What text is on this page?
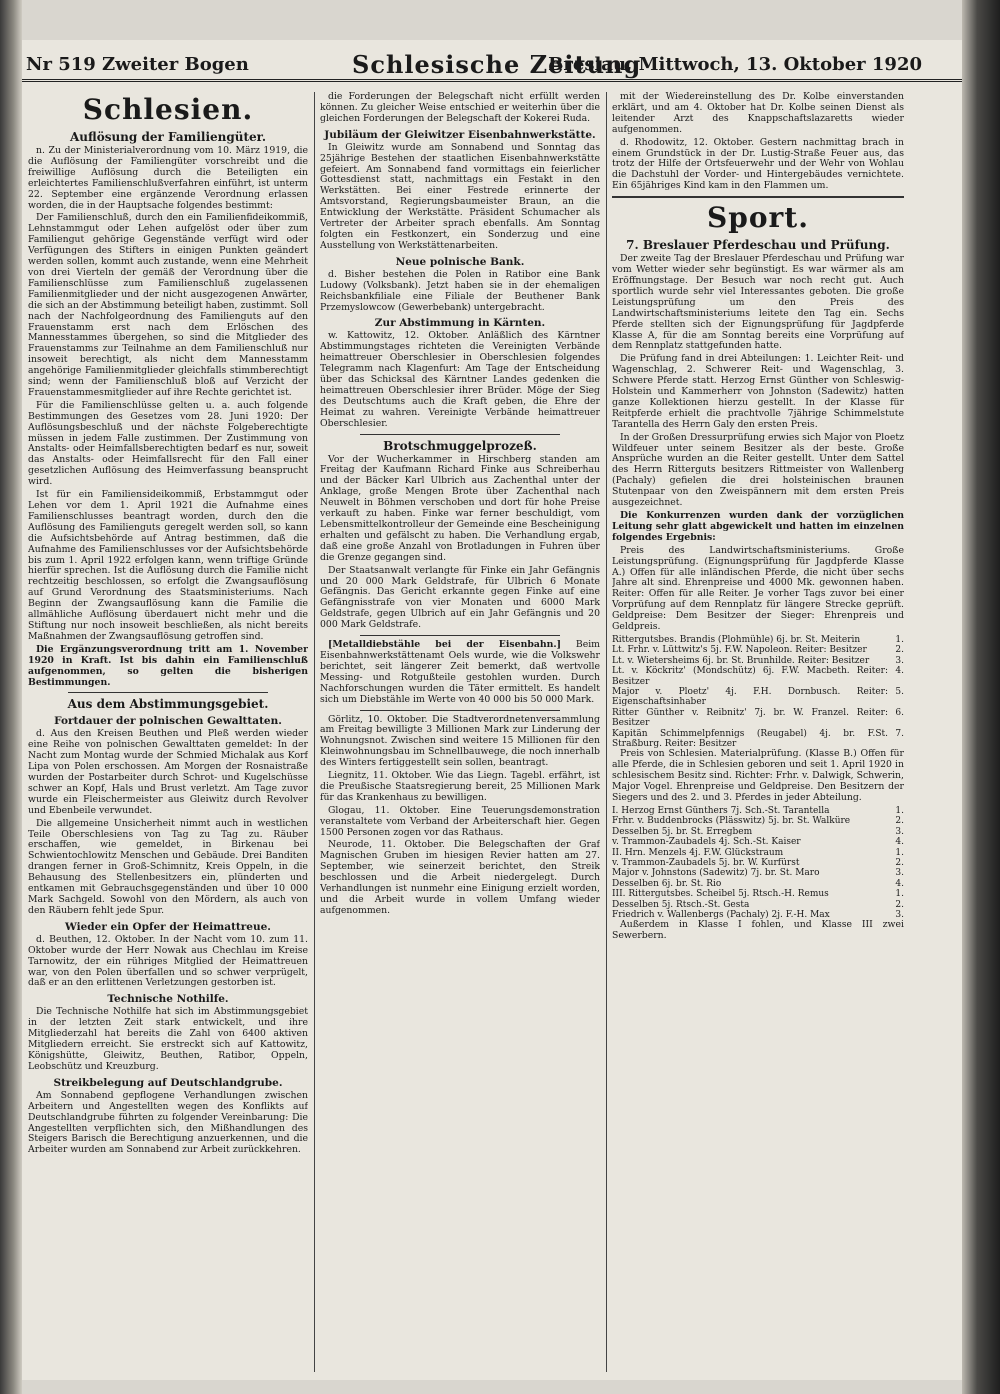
Nr 519 Zweiter Bogen	Schlesische Zeitung
Breslau, Mittwoch, 13. Oktober 1920
Schlesien.
Auflösung der Familiengüter.

n. Zu der Ministerialverordnung vom 10. März 1919, die die Auflösung der Familiengüter vorschreibt und die freiwillige Auflösung durch die Beteiligten ein erleichtertes Familienschlußverfahren einführt, ist unterm 22. September eine ergänzende Verordnung erlassen worden, die in der Hauptsache folgendes bestimmt:

Der Familienschluß, durch den ein Familienfideikommiß, Lehnstammgut oder Lehen aufgelöst oder über zum Familiengut gehörige Gegenstände verfügt wird oder Verfügungen des Stifters in einigen Punkten geändert werden sollen, kommt auch zustande, wenn eine Mehrheit von drei Vierteln der gemäß der Verordnung über die Familienschlüsse zum Familienschluß zugelassenen Familienmitglieder und der nicht ausgezogenen Anwärter, die sich an der Abstimmung beteiligt haben, zustimmt. Soll nach der Nachfolgeordnung des Familienguts auf den Frauenstamm erst nach dem Erlöschen des Mannesstammes übergehen, so sind die Mitglieder des Frauenstamms zur Teilnahme an dem Familienschluß nur insoweit berechtigt, als nicht dem Mannesstamm angehörige Familienmitglieder gleichfalls stimmberechtigt sind; wenn der Familienschluß bloß auf Verzicht der Frauenstammesmitglieder auf ihre Rechte gerichtet ist.

Für die Familienschlüsse gelten u. a. auch folgende Bestimmungen des Gesetzes vom 28. Juni 1920: Der Auflösungsbeschluß und der nächste Folgeberechtigte müssen in jedem Falle zustimmen. Der Zustimmung von Anstalts- oder Heimfallsberechtigten bedarf es nur, soweit das Anstalts- oder Heimfallsrecht für den Fall einer gesetzlichen Auflösung des Heimverfassung beansprucht wird.

Ist für ein Familiensideikommiß, Erbstammgut oder Lehen vor dem 1. April 1921 die Aufnahme eines Familienschlusses beantragt worden, durch den die Auflösung des Familienguts geregelt werden soll, so kann die Aufsichtsbehörde auf Antrag bestimmen, daß die Aufnahme des Familienschlusses vor der Aufsichtsbehörde bis zum 1. April 1922 erfolgen kann, wenn triftige Gründe hierfür sprechen. Ist die Auflösung durch die Familie nicht rechtzeitig beschlossen, so erfolgt die Zwangsauflösung auf Grund Verordnung des Staatsministeriums. Nach Beginn der Zwangsauflösung kann die Familie die allmähliche Auflösung überdauert nicht mehr und die Stiftung nur noch insoweit beschließen, als nicht bereits Maßnahmen der Zwangsauflösung getroffen sind.

Die Ergänzungsverordnung tritt am 1. November 1920 in Kraft. Ist bis dahin ein Familienschluß aufgenommen, so gelten die bisherigen Bestimmungen.

Aus dem Abstimmungsgebiet.
Fortdauer der polnischen Gewalttaten.

d. Aus den Kreisen Beuthen und Pleß werden wieder eine Reihe von polnischen Gewalttaten gemeldet: In der Nacht zum Montag wurde der Schmied Michalak aus Korf Lipa von Polen erschossen. Am Morgen der Rosnaistraße wurden der Postarbeiter durch Schrot- und Kugelschüsse schwer an Kopf, Hals und Brust verletzt. Am Tage zuvor wurde ein Fleischermeister aus Gleiwitz durch Revolver und Ebenbeile verwundet.

Die allgemeine Unsicherheit nimmt auch in westlichen Teile Oberschlesiens von Tag zu Tag zu. Räuber erschaffen, wie gemeldet, in Birkenau bei Schwientochlowitz Menschen und Gebäude. Drei Banditen drangen ferner in Groß-Schimnitz, Kreis Oppeln, in die Behausung des Stellenbesitzers ein, plünderten und entkamen mit Gebrauchsgegenständen und über 10 000 Mark Sachgeld. Sowohl von den Mördern, als auch von den Räubern fehlt jede Spur.

Wieder ein Opfer der Heimattreue.

d. Beuthen, 12. Oktober. In der Nacht vom 10. zum 11. Oktober wurde der Herr Nowak aus Chechlau im Kreise Tarnowitz, der ein rühriges Mitglied der Heimattreuen war, von den Polen überfallen und so schwer verprügelt, daß er an den erlittenen Verletzungen gestorben ist.

Technische Nothilfe.

Die Technische Nothilfe hat sich im Abstimmungsgebiet in der letzten Zeit stark entwickelt, und ihre Mitgliederzahl hat bereits die Zahl von 6400 aktiven Mitgliedern erreicht. Sie erstreckt sich auf Kattowitz, Königshütte, Gleiwitz, Beuthen, Ratibor, Oppeln, Leobschütz und Kreuzburg.

Streikbelegung auf Deutschlandgrube.

Am Sonnabend gepflogene Verhandlungen zwischen Arbeitern und Angestellten wegen des Konflikts auf Deutschlandgrube führten zu folgender Vereinbarung: Die Angestellten verpflichten sich, den Mißhandlungen des Steigers Barisch die Berechtigung anzuerkennen, und die Arbeiter wurden am Sonnabend zur Arbeit zurückkehren.

die Forderungen der Belegschaft nicht erfüllt werden können. Zu gleicher Weise entschied er weiterhin über die gleichen Forderungen der Belegschaft der Kokerei Ruda.

Jubiläum der Gleiwitzer Eisenbahnwerkstätte.

In Gleiwitz wurde am Sonnabend und Sonntag das 25jährige Bestehen der staatlichen Eisenbahnwerkstätte gefeiert. Am Sonnabend fand vormittags ein feierlicher Gottesdienst statt, nachmittags ein Festakt in den Werkstätten. Bei einer Festrede erinnerte der Amtsvorstand, Regierungsbaumeister Braun, an die Entwicklung der Werkstätte. Präsident Schumacher als Vertreter der Arbeiter sprach ebenfalls. Am Sonntag folgten ein Festkonzert, ein Sonderzug und eine Ausstellung von Werkstättenarbeiten.

Neue polnische Bank.

d. Bisher bestehen die Polen in Ratibor eine Bank Ludowy (Volksbank). Jetzt haben sie in der ehemaligen Reichsbankfiliale eine Filiale der Beuthener Bank Przemyslowcow (Gewerbebank) untergebracht.

Zur Abstimmung in Kärnten.

w. Kattowitz, 12. Oktober. Anläßlich des Kärntner Abstimmungstages richteten die Vereinigten Verbände heimattreuer Oberschlesier in Oberschlesien folgendes Telegramm nach Klagenfurt: Am Tage der Entscheidung über das Schicksal des Kärntner Landes gedenken die heimattreuen Oberschlesier ihrer Brüder. Möge der Sieg des Deutschtums auch die Kraft geben, die Ehre der Heimat zu wahren. Vereinigte Verbände heimattreuer Oberschlesier.

Brotschmuggelprozeß.

Vor der Wucherkammer in Hirschberg standen am Freitag der Kaufmann Richard Finke aus Schreiberhau und der Bäcker Karl Ulbrich aus Zachenthal unter der Anklage, große Mengen Brote über Zachenthal nach Neuwelt in Böhmen verschoben und dort für hohe Preise verkauft zu haben. Finke war ferner beschuldigt, vom Lebensmittelkontrolleur der Gemeinde eine Bescheinigung erhalten und gefälscht zu haben. Die Verhandlung ergab, daß eine große Anzahl von Brotladungen in Fuhren über die Grenze gegangen sind.

Der Staatsanwalt verlangte für Finke ein Jahr Gefängnis und 20 000 Mark Geldstrafe, für Ulbrich 6 Monate Gefängnis. Das Gericht erkannte gegen Finke auf eine Gefängnisstrafe von vier Monaten und 6000 Mark Geldstrafe, gegen Ulbrich auf ein Jahr Gefängnis und 20 000 Mark Geldstrafe.

[Metalldiebstähle bei der Eisenbahn.] Beim Eisenbahnwerkstättenamt Oels wurde, wie die Volkswehr berichtet, seit längerer Zeit bemerkt, daß wertvolle Messing- und Rotgußteile gestohlen wurden. Durch Nachforschungen wurden die Täter ermittelt. Es handelt sich um Diebstähle im Werte von 40 000 bis 50 000 Mark.

Görlitz, 10. Oktober. Die Stadtverordnetenversammlung am Freitag bewilligte 3 Millionen Mark zur Linderung der Wohnungsnot. Zwischen sind weitere 15 Millionen für den Kleinwohnungsbau im Schnellbauwege, die noch innerhalb des Winters fertiggestellt sein sollen, beantragt.

Liegnitz, 11. Oktober. Wie das Liegn. Tagebl. erfährt, ist die Preußische Staatsregierung bereit, 25 Millionen Mark für das Krankenhaus zu bewilligen.

Glogau, 11. Oktober. Eine Teuerungsdemonstration veranstaltete vom Verband der Arbeiterschaft hier. Gegen 1500 Personen zogen vor das Rathaus.

Neurode, 11. Oktober. Die Belegschaften der Graf Magnischen Gruben im hiesigen Revier hatten am 27. September, wie seinerzeit berichtet, den Streik beschlossen und die Arbeit niedergelegt. Durch Verhandlungen ist nunmehr eine Einigung erzielt worden, und die Arbeit wurde in vollem Umfang wieder aufgenommen.

mit der Wiedereinstellung des Dr. Kolbe einverstanden erklärt, und am 4. Oktober hat Dr. Kolbe seinen Dienst als leitender Arzt des Knappschaftslazaretts wieder aufgenommen.

d. Rhodowitz, 12. Oktober. Gestern nachmittag brach in einem Grundstück in der Dr. Lustig-Straße Feuer aus, das trotz der Hilfe der Ortsfeuerwehr und der Wehr von Wohlau die Dachstuhl der Vorder- und Hintergebäudes vernichtete. Ein 65jähriges Kind kam in den Flammen um.

Sport.
7. Breslauer Pferdeschau und Prüfung.

Der zweite Tag der Breslauer Pferdeschau und Prüfung war vom Wetter wieder sehr begünstigt. Es war wärmer als am Eröffnungstage. Der Besuch war noch recht gut. Auch sportlich wurde sehr viel Interessantes geboten. Die große Leistungsprüfung um den Preis des Landwirtschaftsministeriums leitete den Tag ein. Sechs Pferde stellten sich der Eignungsprüfung für Jagdpferde Klasse A, für die am Sonntag bereits eine Vorprüfung auf dem Rennplatz stattgefunden hatte.

Die Prüfung fand in drei Abteilungen: 1. Leichter Reit- und Wagenschlag, 2. Schwerer Reit- und Wagenschlag, 3. Schwere Pferde statt. Herzog Ernst Günther von Schleswig-Holstein und Kammerherr von Johnston (Sadewitz) hatten ganze Kollektionen hierzu gestellt. In der Klasse für Reitpferde erhielt die prachtvolle 7jährige Schimmelstute Tarantella des Herrn Galy den ersten Preis.

In der Großen Dressurprüfung erwies sich Major von Ploetz Wildfeuer unter seinem Besitzer als der beste. Große Ansprüche wurden an die Reiter gestellt. Unter dem Sattel des Herrn Ritterguts besitzers Rittmeister von Wallenberg (Pachaly) gefielen die drei holsteinischen braunen Stutenpaar von den Zweispännern mit dem ersten Preis ausgezeichnet.

Die Konkurrenzen wurden dank der vorzüglichen Leitung sehr glatt abgewickelt und hatten im einzelnen folgendes Ergebnis:

Preis des Landwirtschaftsministeriums. Große Leistungsprüfung. (Eignungsprüfung für Jagdpferde Klasse A.) Offen für alle inländischen Pferde, die nicht über sechs Jahre alt sind. Ehrenpreise und 4000 Mk. gewonnen haben. Reiter: Offen für alle Reiter. Je vorher Tags zuvor bei einer Vorprüfung auf dem Rennplatz für längere Strecke geprüft. Geldpreise: Dem Besitzer der Sieger: Ehrenpreis und Geldpreis.

Rittergutsbes. Brandis (Plohmühle) 6j. br. St. Meiterin	1.
Lt. Frhr. v. Lüttwitz's 5j. F.W. Napoleon. Reiter: Besitzer	2.
Lt. v. Wietersheims 6j. br. St. Brunhilde. Reiter: Besitzer	3.
Lt. v. Köckritz' (Mondschütz) 6j. F.W. Macbeth. Reiter: Besitzer	4.
Major v. Ploetz' 4j. F.H. Dornbusch. Reiter: Eigenschaftsinhaber	5.
Ritter Günther v. Reibnitz' 7j. br. W. Franzel. Reiter: Besitzer	6.
Kapitän Schimmelpfennigs (Reugabel) 4j. br. F.St. Straßburg. Reiter: Besitzer	7.

Preis von Schlesien. Materialprüfung. (Klasse B.) Offen für alle Pferde, die in Schlesien geboren und seit 1. April 1920 in schlesischem Besitz sind. Richter: Frhr. v. Dalwigk, Schwerin, Major Vogel. Ehrenpreise und Geldpreise. Den Besitzern der Siegers und des 2. und 3. Pferdes in jeder Abteilung.

I. Herzog Ernst Günthers 7j. Sch.-St. Tarantella	1.
Frhr. v. Buddenbrocks (Plässwitz) 5j. br. St. Walküre	2.
Desselben 5j. br. St. Erregbem	3.
v. Trammon-Zaubadels 4j. Sch.-St. Kaiser	4.
II. Hrn. Menzels 4j. F.W. Glückstraum	1.
v. Trammon-Zaubadels 5j. br. W. Kurfürst	2.
Major v. Johnstons (Sadewitz) 7j. br. St. Maro	3.
Desselben 6j. br. St. Rio	4.
III. Rittergutsbes. Scheibel 5j. Rtsch.-H. Remus	1.
Desselben 5j. Rtsch.-St. Gesta	2.
Friedrich v. Wallenbergs (Pachaly) 2j. F.-H. Max	3.

Außerdem in Klasse I fohlen, und Klasse III zwei Sewerbern.
